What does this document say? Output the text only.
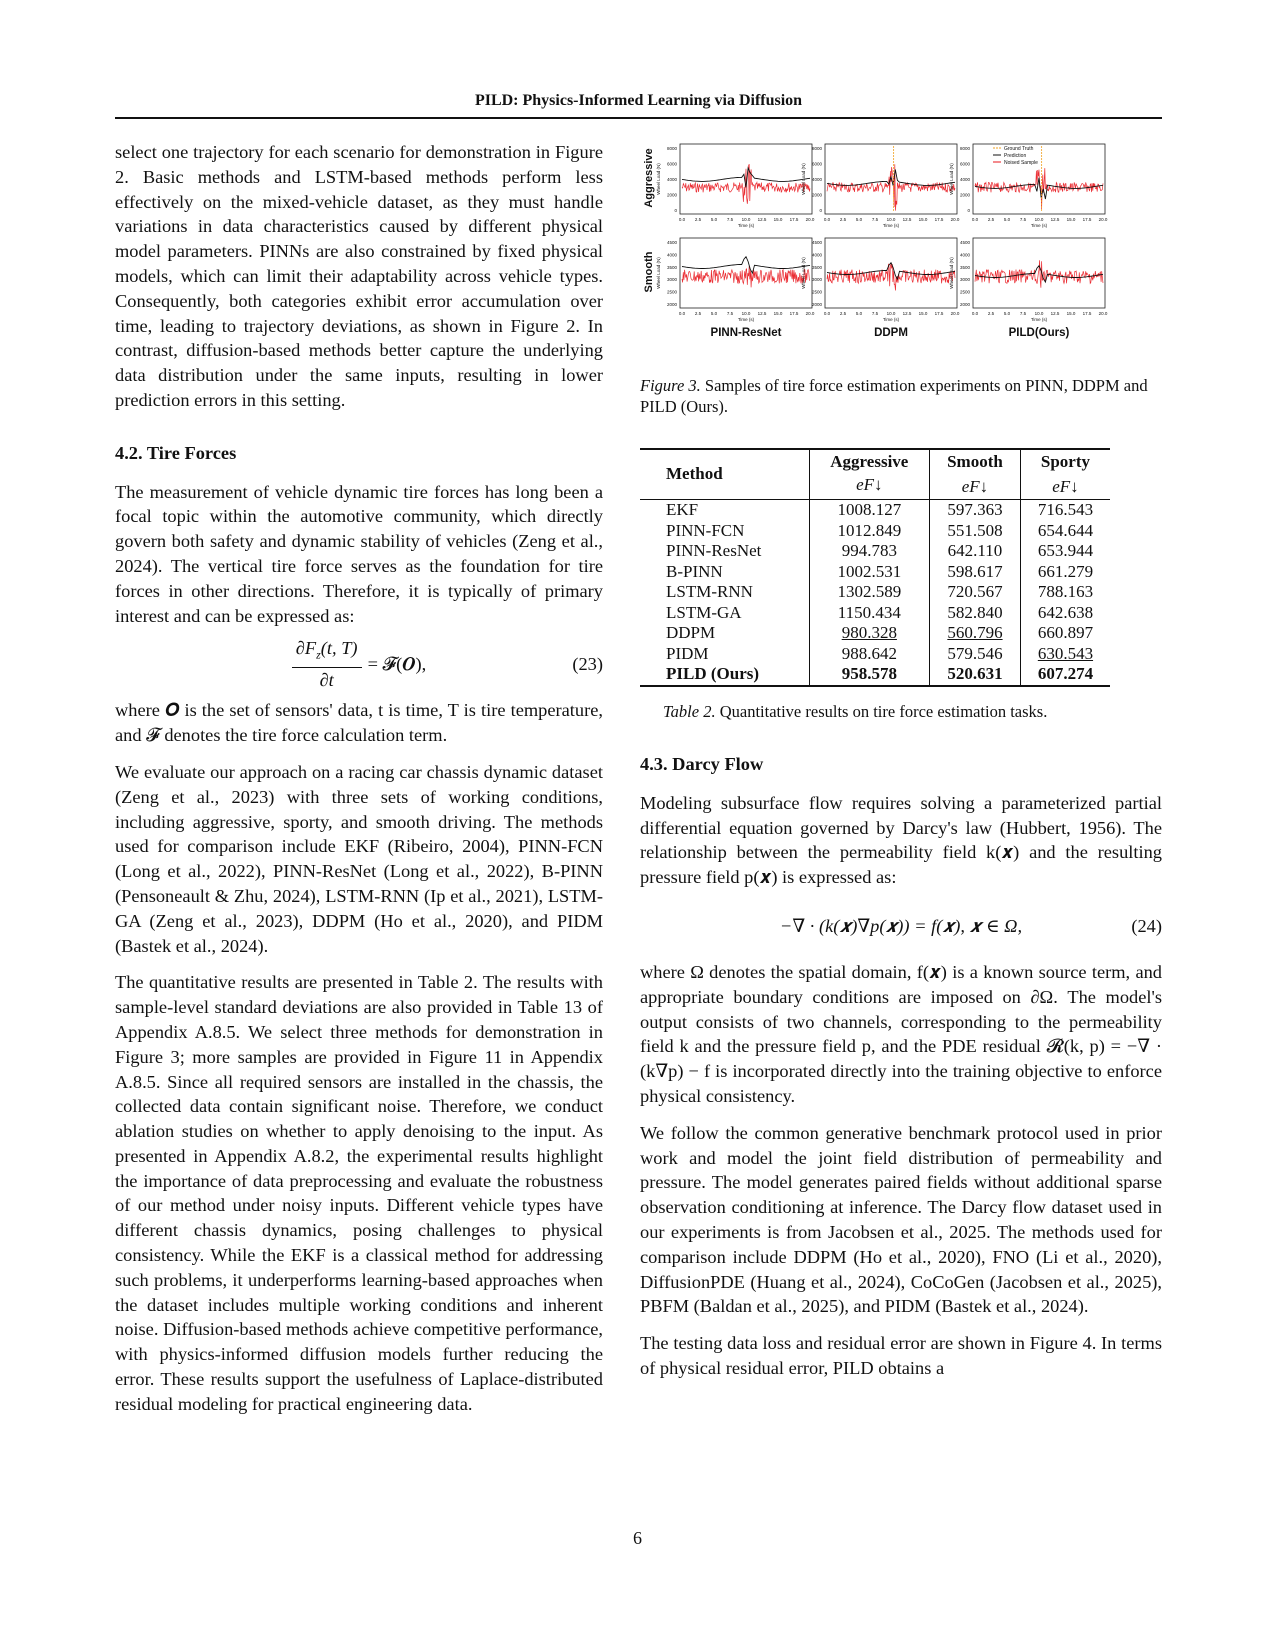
PILD: Physics-Informed Learning via Diffusion

select one trajectory for each scenario for demonstration in Figure 2. Basic methods and LSTM-based methods perform less effectively on the mixed-vehicle dataset, as they must handle variations in data characteristics caused by different physical model parameters. PINNs are also constrained by fixed physical models, which can limit their adaptability across vehicle types. Consequently, both categories exhibit error accumulation over time, leading to trajectory deviations, as shown in Figure 2. In contrast, diffusion-based methods better capture the underlying data distribution under the same inputs, resulting in lower prediction errors in this setting.

4.2. Tire Forces

The measurement of vehicle dynamic tire forces has long been a focal topic within the automotive community, which directly govern both safety and dynamic stability of vehicles (Zeng et al., 2024). The vertical tire force serves as the foundation for tire forces in other directions. Therefore, it is typically of primary interest and can be expressed as:

$\frac{\partial F_z(t, T)}{\partial t}$ = 𝓕(𝑶),	(23)

where 𝑶 is the set of sensors' data, t is time, T is tire temperature, and 𝓕 denotes the tire force calculation term.

We evaluate our approach on a racing car chassis dynamic dataset (Zeng et al., 2023) with three sets of working conditions, including aggressive, sporty, and smooth driving. The methods used for comparison include EKF (Ribeiro, 2004), PINN-FCN (Long et al., 2022), PINN-ResNet (Long et al., 2022), B-PINN (Pensoneault & Zhu, 2024), LSTM-RNN (Ip et al., 2021), LSTM-GA (Zeng et al., 2023), DDPM (Ho et al., 2020), and PIDM (Bastek et al., 2024).

The quantitative results are presented in Table 2. The results with sample-level standard deviations are also provided in Table 13 of Appendix A.8.5. We select three methods for demonstration in Figure 3; more samples are provided in Figure 11 in Appendix A.8.5. Since all required sensors are installed in the chassis, the collected data contain significant noise. Therefore, we conduct ablation studies on whether to apply denoising to the input. As presented in Appendix A.8.2, the experimental results highlight the importance of data preprocessing and evaluate the robustness of our method under noisy inputs. Different vehicle types have different chassis dynamics, posing challenges to physical consistency. While the EKF is a classical method for addressing such problems, it underperforms learning-based approaches when the dataset includes multiple working conditions and inherent noise. Diffusion-based methods achieve competitive performance, with physics-informed diffusion models further reducing the error. These results support the usefulness of Laplace-distributed residual modeling for practical engineering data.

Aggressive
Smooth
8000
6000
4000
2000
0
0.0 2.5 5.0 7.5 10.0 12.5 15.0 17.5 20.0
Time (s)
Wheel Load (N)
8000
6000
4000
2000
0
0.0 2.5 5.0 7.5 10.0 12.5 15.0 17.5 20.0
Time (s)
Wheel Load (N)
8000
6000
4000
2000
0
0.0 2.5 5.0 7.5 10.0 12.5 15.0 17.5 20.0
Time (s)
Wheel Load (N)
4500
4000
3500
3000
2500
2000
0.0 2.5 5.0 7.5 10.0 12.5 15.0 17.5 20.0
Time (s)
Wheel Load (N)
PINN-ResNet
4500
4000
3500
3000
2500
2000
0.0 2.5 5.0 7.5 10.0 12.5 15.0 17.5 20.0
Time (s)
Wheel Load (N)
DDPM
4500
4000
3500
3000
2500
2000
0.0 2.5 5.0 7.5 10.0 12.5 15.0 17.5 20.0
Time (s)
Wheel Load (N)
PILD(Ours)
Ground Truth
Prediction
Noised Sample
Figure 3. Samples of tire force estimation experiments on PINN, DDPM and PILD (Ours).
Method	Aggressive	Smooth	Sporty
	eF↓	eF↓	eF↓
EKF	1008.127	597.363	716.543
PINN-FCN	1012.849	551.508	654.644
PINN-ResNet	994.783	642.110	653.944
B-PINN	1002.531	598.617	661.279
LSTM-RNN	1302.589	720.567	788.163
LSTM-GA	1150.434	582.840	642.638
DDPM	980.328	560.796	660.897
PIDM	988.642	579.546	630.543
PILD (Ours)	958.578	520.631	607.274
Table 2. Quantitative results on tire force estimation tasks.

4.3. Darcy Flow

Modeling subsurface flow requires solving a parameterized partial differential equation governed by Darcy's law (Hubbert, 1956). The relationship between the permeability field k(𝒙) and the resulting pressure field p(𝒙) is expressed as:

−∇ · (k(𝒙)∇p(𝒙)) = f(𝒙), 𝒙 ∈ Ω,	(24)

where Ω denotes the spatial domain, f(𝒙) is a known source term, and appropriate boundary conditions are imposed on ∂Ω. The model's output consists of two channels, corresponding to the permeability field k and the pressure field p, and the PDE residual 𝓡(k, p) = −∇ · (k∇p) − f is incorporated directly into the training objective to enforce physical consistency.

We follow the common generative benchmark protocol used in prior work and model the joint field distribution of permeability and pressure. The model generates paired fields without additional sparse observation conditioning at inference. The Darcy flow dataset used in our experiments is from Jacobsen et al., 2025. The methods used for comparison include DDPM (Ho et al., 2020), FNO (Li et al., 2020), DiffusionPDE (Huang et al., 2024), CoCoGen (Jacobsen et al., 2025), PBFM (Baldan et al., 2025), and PIDM (Bastek et al., 2024).

The testing data loss and residual error are shown in Figure 4. In terms of physical residual error, PILD obtains a

6
